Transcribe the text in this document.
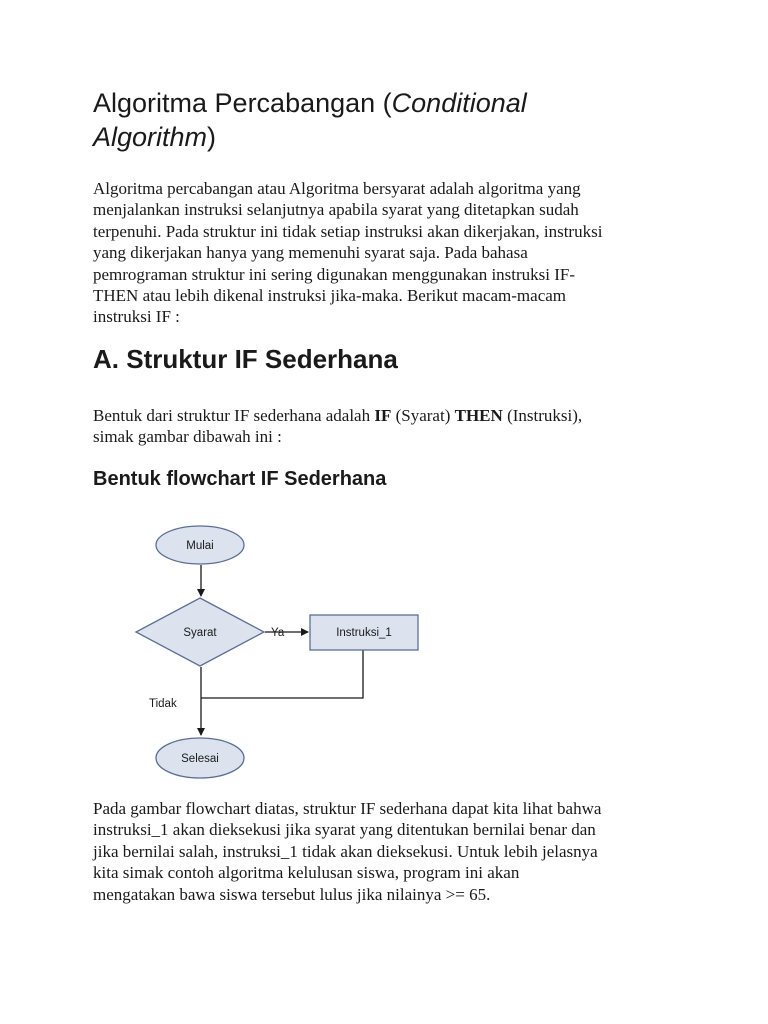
Algoritma Percabangan (Conditional
Algorithm)

Algoritma percabangan atau Algoritma bersyarat adalah algoritma yang
menjalankan instruksi selanjutnya apabila syarat yang ditetapkan sudah
terpenuhi. Pada struktur ini tidak setiap instruksi akan dikerjakan, instruksi
yang dikerjakan hanya yang memenuhi syarat saja. Pada bahasa
pemrograman struktur ini sering digunakan menggunakan instruksi IF-
THEN atau lebih dikenal instruksi jika-maka. Berikut macam-macam
instruksi IF :

A. Struktur IF Sederhana

Bentuk dari struktur IF sederhana adalah IF (Syarat) THEN (Instruksi),
simak gambar dibawah ini :

Bentuk flowchart IF Sederhana

Pada gambar flowchart diatas, struktur IF sederhana dapat kita lihat bahwa
instruksi_1 akan dieksekusi jika syarat yang ditentukan bernilai benar dan
jika bernilai salah, instruksi_1 tidak akan dieksekusi. Untuk lebih jelasnya
kita simak contoh algoritma kelulusan siswa, program ini akan
mengatakan bawa siswa tersebut lulus jika nilainya >= 65.

Mulai
Syarat	Ya	Instruksi_1
Tidak
Selesai
